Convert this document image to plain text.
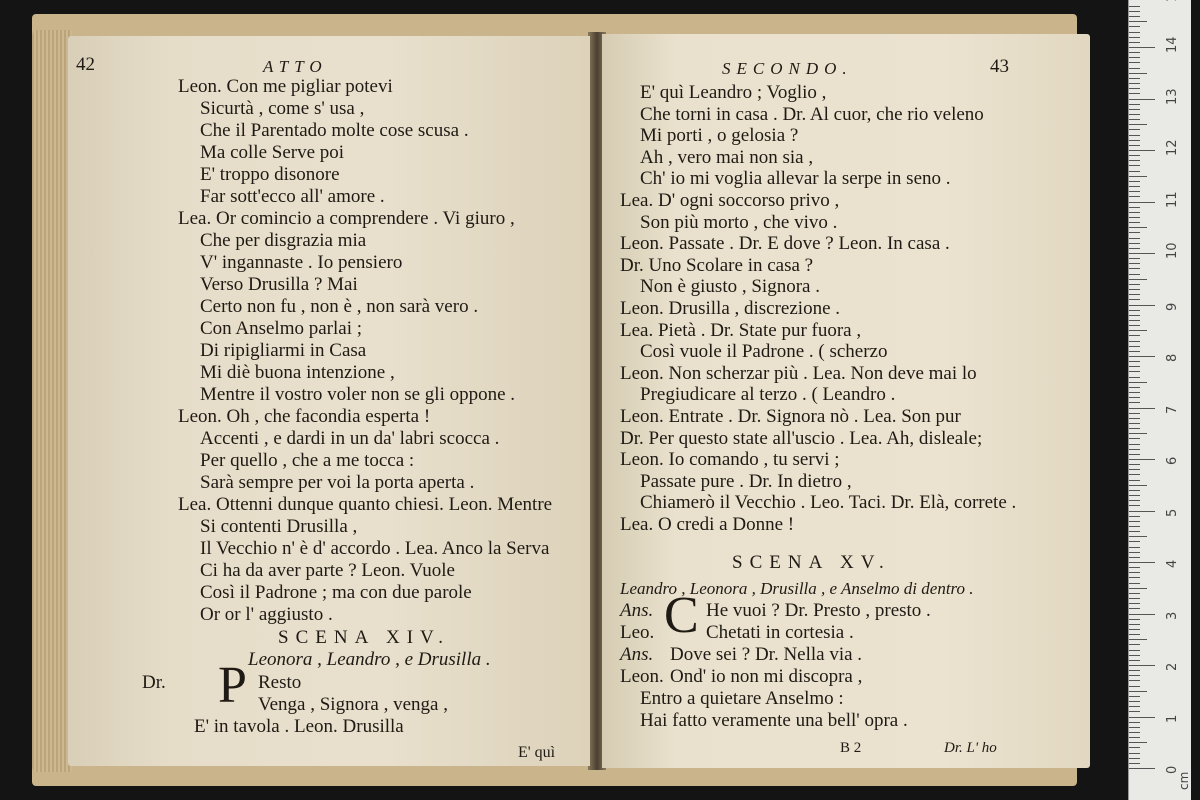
42	ATTO
Leon. Con me pigliar potevi
Sicurtà , come s' usa ,
Che il Parentado molte cose scusa .
Ma colle Serve poi
E' troppo disonore
Far sott'ecco all' amore .
Lea. Or comincio a comprendere . Vi giuro ,
Che per disgrazia mia
V' ingannaste . Io pensiero
Verso Drusilla ? Mai
Certo non fu , non è , non sarà vero .
Con Anselmo parlai ;
Di ripigliarmi in Casa
Mi diè buona intenzione ,
Mentre il vostro voler non se gli oppone .
Leon. Oh , che facondia esperta !
Accenti , e dardi in un da' labri scocca .
Per quello , che a me tocca :
Sarà sempre per voi la porta aperta .
Lea. Ottenni dunque quanto chiesi. Leon. Mentre
Si contenti Drusilla ,
Il Vecchio n' è d' accordo . Lea. Anco la Serva
Ci ha da aver parte ? Leon. Vuole
Così il Padrone ; ma con due parole
Or or l' aggiusto .
SCENA XIV.
Leonora , Leandro , e Drusilla .
Dr. P Resto
Venga , Signora , venga ,
E' in tavola . Leon. Drusilla
E' quì
SECONDO.	43
E' quì Leandro ; Voglio ,
Che torni in casa . Dr. Al cuor, che rio veleno
Mi porti , o gelosia ?
Ah , vero mai non sia ,
Ch' io mi voglia allevar la serpe in seno .
Lea. D' ogni soccorso privo ,
Son più morto , che vivo .
Leon. Passate . Dr. E dove ? Leon. In casa .
Dr. Uno Scolare in casa ?
Non è giusto , Signora .
Leon. Drusilla , discrezione .
Lea. Pietà . Dr. State pur fuora ,
Così vuole il Padrone . ( scherzo
Leon. Non scherzar più . Lea. Non deve mai lo
Pregiudicare al terzo . ( Leandro .
Leon. Entrate . Dr. Signora nò . Lea. Son pur
Dr. Per questo state all'uscio . Lea. Ah, disleale;
Leon. Io comando , tu servi ;
Passate pure . Dr. In dietro ,
Chiamerò il Vecchio . Leo. Taci. Dr. Elà, correte .
Lea. O credi a Donne !
SCENA XV.
Leandro , Leonora , Drusilla , e Anselmo di dentro .
Ans. C He vuoi ? Dr. Presto , presto .
Leo.	Chetati in cortesia .
Ans. Dove sei ? Dr. Nella via .
Leon. Ond' io non mi discopra ,
Entro a quietare Anselmo :
Hai fatto veramente una bell' opra .
B 2	Dr. L' ho
0
1
2
3
4
5
6
7
8
9
10
11
12
13
14
cm
